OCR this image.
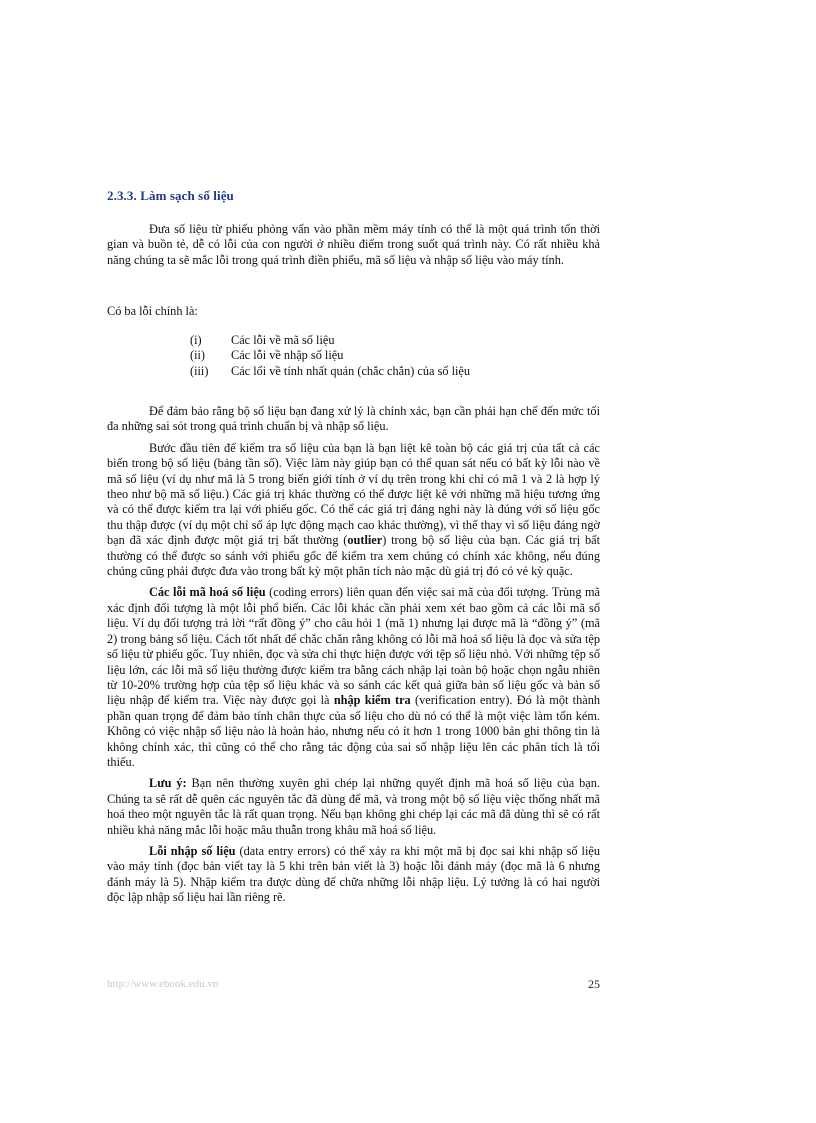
2.3.3. Làm sạch số liệu

Đưa số liệu từ phiếu phỏng vấn vào phần mềm máy tính có thể là một quá trình tốn thời gian và buồn tẻ, dễ có lỗi của con người ở nhiều điểm trong suốt quá trình này. Có rất nhiều khả năng chúng ta sẽ mắc lỗi trong quá trình điền phiếu, mã số liệu và nhập số liệu vào máy tính.

Có ba lỗi chính là:

(i)	Các lỗi về mã số liệu
(ii)	Các lỗi về nhập số liệu
(iii)	Các lối về tính nhất quán (chắc chắn) của số liệu

Để đảm bảo rằng bộ số liệu bạn đang xử lý là chính xác, bạn cần phải hạn chế đến mức tối đa những sai sót trong quá trình chuẩn bị và nhập số liệu.

Bước đầu tiên để kiểm tra số liệu của bạn là bạn liệt kê toàn bộ các giá trị của tất cả các biến trong bộ số liệu (bảng tần số). Việc làm này giúp bạn có thể quan sát nếu có bất kỳ lỗi nào về mã số liệu (ví dụ như mã là 5 trong biến giới tính ở ví dụ trên trong khi chỉ có mã 1 và 2 là hợp lý theo như bộ mã số liệu.) Các giá trị khác thường có thể được liệt kê với những mã hiệu tương ứng và có thể được kiểm tra lại với phiếu gốc. Có thể các giá trị đáng nghi này là đúng với số liệu gốc thu thập được (ví dụ một chỉ số áp lực động mạch cao khác thường), vì thế thay vì số liệu đáng ngờ bạn đã xác định được một giá trị bất thường (outlier) trong bộ số liệu của bạn. Các giá trị bất thường có thể được so sánh với phiếu gốc để kiểm tra xem chúng có chính xác không, nếu đúng chúng cũng phải được đưa vào trong bất kỳ một phân tích nào mặc dù giá trị đó có vẻ kỳ quặc.

Các lỗi mã hoá số liệu (coding errors) liên quan đến việc sai mã của đối tượng. Trùng mã xác định đối tượng là một lỗi phổ biến. Các lỗi khác cần phải xem xét bao gồm cả các lỗi mã số liệu. Ví dụ đối tượng trả lời “rất đồng ý” cho câu hỏi 1 (mã 1) nhưng lại được mã là “đồng ý” (mã 2) trong bảng số liệu. Cách tốt nhất để chắc chắn rằng không có lỗi mã hoá số liệu là đọc và sửa tệp số liệu từ phiếu gốc. Tuy nhiên, đọc và sửa chỉ thực hiện được với tệp số liệu nhỏ. Với những tệp số liệu lớn, các lỗi mã số liệu thường được kiểm tra bằng cách nhập lại toàn bộ hoặc chọn ngẫu nhiên từ 10-20% trường hợp của tệp số liệu khác và so sánh các kết quả giữa bản số liệu gốc và bản số liệu nhập để kiểm tra. Việc này được gọi là nhập kiểm tra (verification entry). Đó là một thành phần quan trọng để đảm bảo tính chân thực của số liệu cho dù nó có thể là một việc làm tốn kém. Không có việc nhập số liệu nào là hoàn hảo, nhưng nếu có ít hơn 1 trong 1000 bản ghi thông tin là không chính xác, thì cũng có thể cho rằng tác động của sai số nhập liệu lên các phân tích là tối thiểu.

Lưu ý: Bạn nên thường xuyên ghi chép lại những quyết định mã hoá số liệu của bạn. Chúng ta sẽ rất dễ quên các nguyên tắc đã dùng để mã, và trong một bộ số liệu việc thống nhất mã hoá theo một nguyên tắc là rất quan trọng. Nếu bạn không ghi chép lại các mã đã dùng thì sẽ có rất nhiều khả năng mắc lỗi hoặc mâu thuẫn trong khâu mã hoá số liệu.

Lỗi nhập số liệu (data entry errors) có thể xảy ra khi một mã bị đọc sai khi nhập số liệu vào máy tính (đọc bản viết tay là 5 khi trên bản viết là 3) hoặc lỗi đánh máy (đọc mã là 6 nhưng đánh máy là 5). Nhập kiểm tra được dùng để chữa những lỗi nhập liệu. Lý tưởng là có hai người độc lập nhập số liệu hai lần riêng rẽ.

http://www.ebook.edu.vn	25
